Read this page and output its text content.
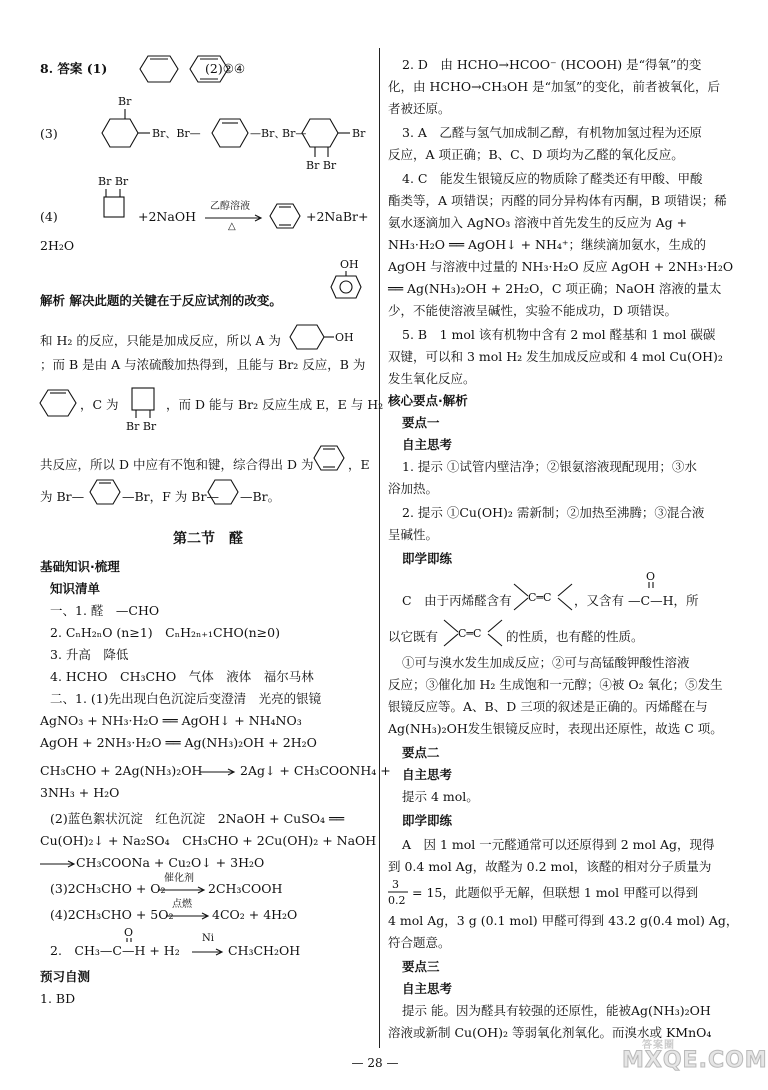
8. 答案 (1)	(2)②④
(3)
Br
Br、Br—	—Br、
Br—	Br
Br Br
Br Br
(4)	+2NaOH
乙醇溶液
△
+2NaBr+
2H₂O
OH
解析 解决此题的关键在于反应试剂的改变。
和 H₂ 的反应，只能是加成反应，所以 A 为	OH
；而 B 是由 A 与浓硫酸加热得到，且能与 Br₂ 反应，B 为
，C 为
Br Br
，而 D 能与 Br₂ 反应生成 E，E 与 H₂
共反应，所以 D 中应有不饱和键，综合得出 D 为	，E
为 Br—	—Br，F 为 Br— —Br。
第二节　醛
基础知识·梳理
知识清单
一、1. 醛　—CHO
2. CₙH₂ₙO (n≥1)　CₙH₂ₙ₊₁CHO(n≥0)
3. 升高　降低
4. HCHO　CH₃CHO　气体　液体　福尔马林
二、1. (1)先出现白色沉淀后变澄清　光亮的银镜
AgNO₃ + NH₃·H₂O ══ AgOH↓ + NH₄NO₃
AgOH + 2NH₃·H₂O ══ Ag(NH₃)₂OH + 2H₂O
CH₃CHO + 2Ag(NH₃)₂OH	2Ag↓ + CH₃COONH₄ +
3NH₃ + H₂O
(2)蓝色絮状沉淀　红色沉淀　2NaOH + CuSO₄ ══
Cu(OH)₂↓ + Na₂SO₄　CH₃CHO + 2Cu(OH)₂ + NaOH
CH₃COONa + Cu₂O↓ + 3H₂O
(3)2CH₃CHO + O₂
催化剂
2CH₃COOH
(4)2CH₃CHO + 5O₂
点燃
4CO₂ + 4H₂O
O
2.　CH₃—C—H + H₂
Ni
CH₃CH₂OH
预习自测
1. BD
2. D　由 HCHO→HCOO⁻ (HCOOH) 是“得氧”的变
化，由 HCHO→CH₃OH 是“加氢”的变化，前者被氧化，后
者被还原。
3. A　乙醛与氢气加成制乙醇，有机物加氢过程为还原
反应，A 项正确；B、C、D 项均为乙醛的氧化反应。
4. C　能发生银镜反应的物质除了醛类还有甲酸、甲酸
酯类等，A 项错误；丙醛的同分异构体有丙酮，B 项错误；稀
氨水逐滴加入 AgNO₃ 溶液中首先发生的反应为 Ag +
NH₃·H₂O ══ AgOH↓ + NH₄⁺；继续滴加氨水，生成的
AgOH 与溶液中过量的 NH₃·H₂O 反应 AgOH + 2NH₃·H₂O
══ Ag(NH₃)₂OH + 2H₂O，C 项正确；NaOH 溶液的量太
少，不能使溶液呈碱性，实验不能成功，D 项错误。
5. B　1 mol 该有机物中含有 2 mol 醛基和 1 mol 碳碳
双键，可以和 3 mol H₂ 发生加成反应或和 4 mol Cu(OH)₂
发生氧化反应。
核心要点·解析
要点一
自主思考
1. 提示 ①试管内壁洁净；②银氨溶液现配现用；③水
浴加热。
2. 提示 ①Cu(OH)₂ 需新制；②加热至沸腾；③混合液
呈碱性。
即学即练
C　由于丙烯醛含有 C═C ，又含有
O
—C—H，所
以它既有 C═C 的性质，也有醛的性质。
①可与溴水发生加成反应；②可与高锰酸钾酸性溶液
反应；③催化加 H₂ 生成饱和一元醇；④被 O₂ 氧化；⑤发生
银镜反应等。A、B、D 三项的叙述是正确的。丙烯醛在与
Ag(NH₃)₂OH发生银镜反应时，表现出还原性，故选 C 项。
要点二
自主思考
提示 4 mol。
即学即练
A　因 1 mol 一元醛通常可以还原得到 2 mol Ag，现得
到 0.4 mol Ag，故醛为 0.2 mol，该醛的相对分子质量为
3
0.2
= 15，此题似乎无解，但联想 1 mol 甲醛可以得到
4 mol Ag，3 g (0.1 mol) 甲醛可得到 43.2 g(0.4 mol) Ag，
符合题意。
要点三
自主思考
提示 能。因为醛具有较强的还原性，能被Ag(NH₃)₂OH
溶液或新制 Cu(OH)₂ 等弱氧化剂氧化。而溴水或 KMnO₄
— 28 —
答案圈
MXQE.COM
